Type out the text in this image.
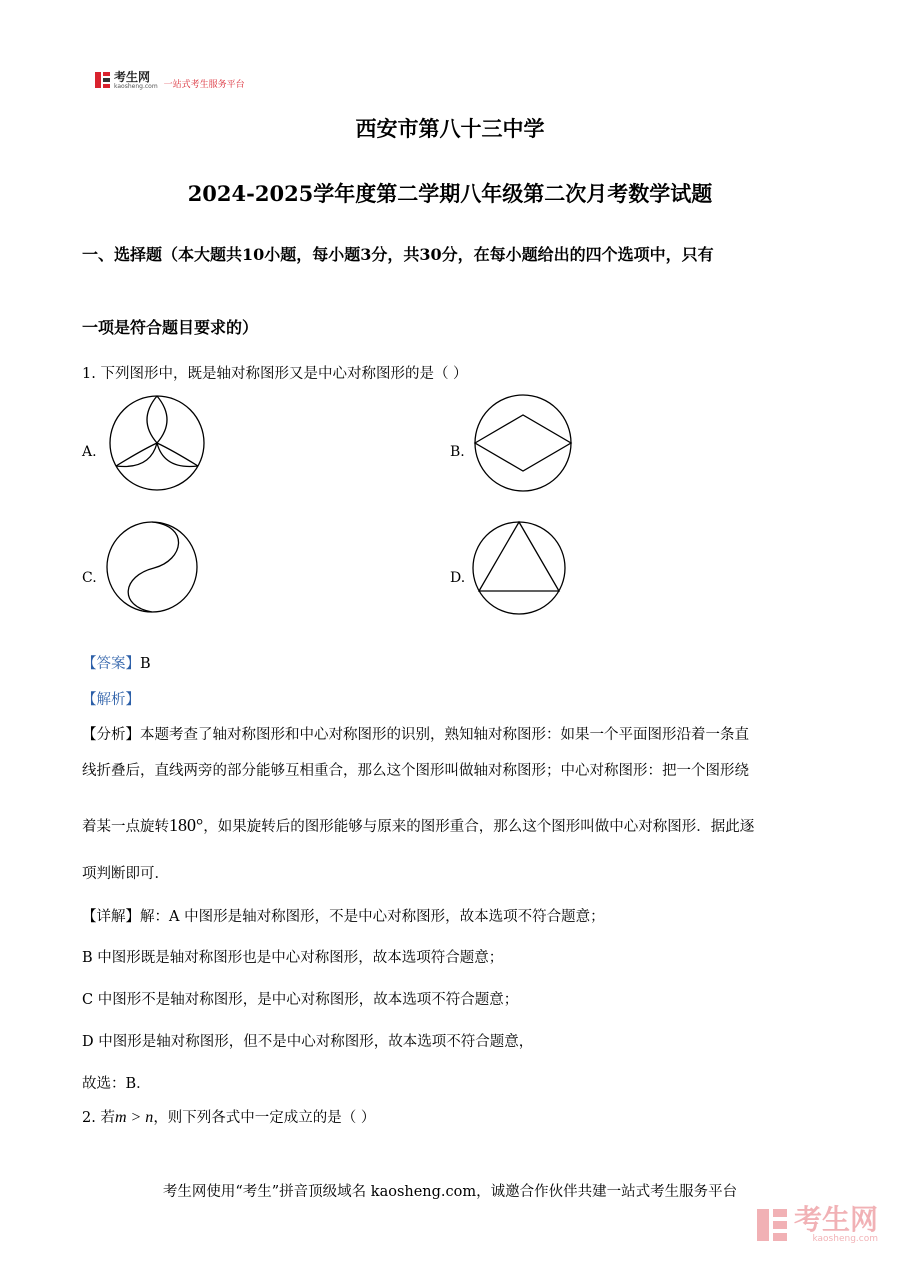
考生网
kaosheng.com 一站式考生服务平台
西安市第八十三中学
2024-2025学年度第二学期八年级第二次月考数学试题
一、选择题（本大题共10小题，每小题3分，共30分，在每小题给出的四个选项中，只有
一项是符合题目要求的）
1. 下列图形中，既是轴对称图形又是中心对称图形的是（ ）
A.	B.
C.	D.
【答案】B
【解析】
【分析】本题考查了轴对称图形和中心对称图形的识别，熟知轴对称图形：如果一个平面图形沿着一条直
线折叠后，直线两旁的部分能够互相重合，那么这个图形叫做轴对称图形；中心对称图形：把一个图形绕
着某一点旋转180°，如果旋转后的图形能够与原来的图形重合，那么这个图形叫做中心对称图形．据此逐
项判断即可．
【详解】解：A 中图形是轴对称图形，不是中心对称图形，故本选项不符合题意；
B 中图形既是轴对称图形也是中心对称图形，故本选项符合题意；
C 中图形不是轴对称图形，是中心对称图形，故本选项不符合题意；
D 中图形是轴对称图形，但不是中心对称图形，故本选项不符合题意，
故选：B．
2. 若m > n，则下列各式中一定成立的是（ ）
考生网使用“考生”拼音顶级域名 kaosheng.com，诚邀合作伙伴共建一站式考生服务平台
考生网
kaosheng.com
